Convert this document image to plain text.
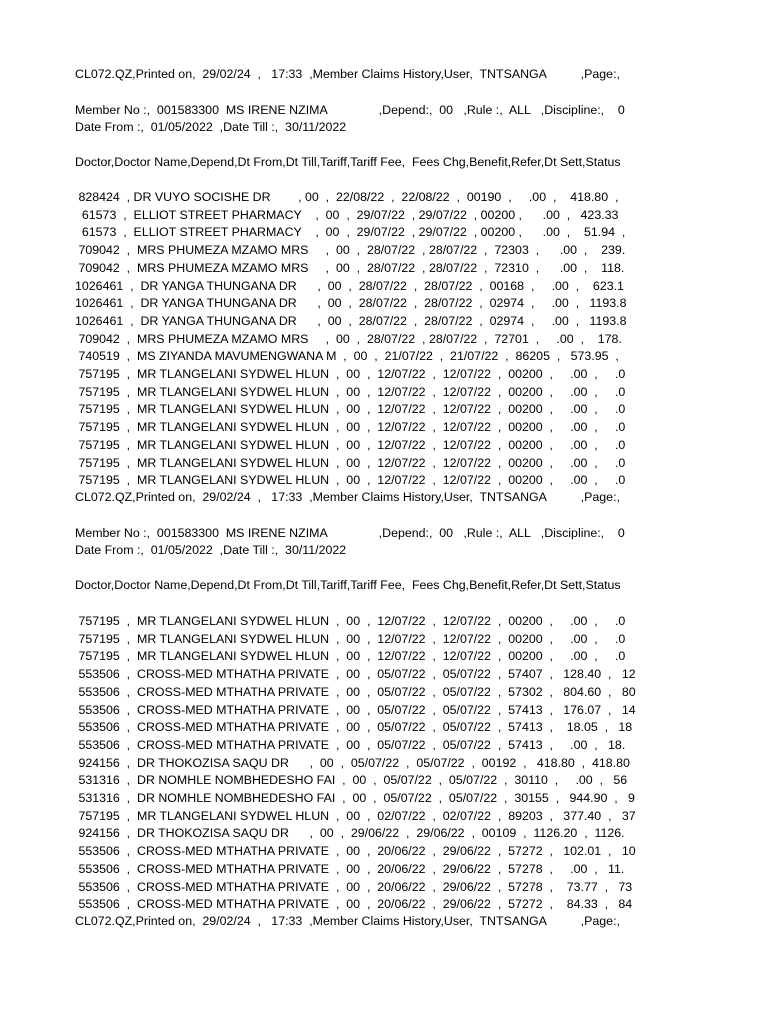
CL072.QZ,Printed on,  29/02/24  ,   17:33  ,Member Claims History,User,  TNTSANGA          ,Page:,
Member No :,  001583300  MS IRENE NZIMA               ,Depend:,  00   ,Rule :,  ALL   ,Discipline:,    0
Date From :,  01/05/2022  ,Date Till :,  30/11/2022
Doctor,Doctor Name,Depend,Dt From,Dt Till,Tariff,Tariff Fee,  Fees Chg,Benefit,Refer,Dt Sett,Status
828424  , DR VUYO SOCISHE DR        , 00  ,  22/08/22  ,  22/08/22  ,  00190  ,     .00  ,    418.80  ,
61573  ,  ELLIOT STREET PHARMACY    ,  00  ,  29/07/22  , 29/07/22  , 00200 ,      .00  ,   423.33
61573  ,  ELLIOT STREET PHARMACY    ,  00  ,  29/07/22  , 29/07/22  , 00200 ,      .00  ,    51.94  ,
709042  ,  MRS PHUMEZA MZAMO MRS     ,  00  ,  28/07/22  , 28/07/22  ,  72303  ,      .00  ,    239.
709042  ,  MRS PHUMEZA MZAMO MRS     ,  00  ,  28/07/22  , 28/07/22  ,  72310  ,      .00  ,    118.
1026461  ,  DR YANGA THUNGANA DR      ,  00  ,  28/07/22  ,  28/07/22  ,  00168  ,     .00  ,    623.1
1026461  ,  DR YANGA THUNGANA DR      ,  00  ,  28/07/22  ,  28/07/22  ,  02974  ,     .00  ,   1193.8
1026461  ,  DR YANGA THUNGANA DR      ,  00  ,  28/07/22  ,  28/07/22  ,  02974  ,     .00  ,   1193.8
709042  ,  MRS PHUMEZA MZAMO MRS     ,  00  ,  28/07/22  , 28/07/22  ,  72701  ,     .00  ,    178.
740519  ,  MS ZIYANDA MAVUMENGWANA M  ,  00  ,  21/07/22  ,  21/07/22  ,  86205  ,   573.95  ,
757195  ,  MR TLANGELANI SYDWEL HLUN  ,  00  ,  12/07/22  ,  12/07/22  ,  00200  ,     .00  ,     .0
757195  ,  MR TLANGELANI SYDWEL HLUN  ,  00  ,  12/07/22  ,  12/07/22  ,  00200  ,     .00  ,     .0
757195  ,  MR TLANGELANI SYDWEL HLUN  ,  00  ,  12/07/22  ,  12/07/22  ,  00200  ,     .00  ,     .0
757195  ,  MR TLANGELANI SYDWEL HLUN  ,  00  ,  12/07/22  ,  12/07/22  ,  00200  ,     .00  ,     .0
757195  ,  MR TLANGELANI SYDWEL HLUN  ,  00  ,  12/07/22  ,  12/07/22  ,  00200  ,     .00  ,     .0
757195  ,  MR TLANGELANI SYDWEL HLUN  ,  00  ,  12/07/22  ,  12/07/22  ,  00200  ,     .00  ,     .0
757195  ,  MR TLANGELANI SYDWEL HLUN  ,  00  ,  12/07/22  ,  12/07/22  ,  00200  ,     .00  ,     .0
CL072.QZ,Printed on,  29/02/24  ,   17:33  ,Member Claims History,User,  TNTSANGA          ,Page:,
Member No :,  001583300  MS IRENE NZIMA               ,Depend:,  00   ,Rule :,  ALL   ,Discipline:,    0
Date From :,  01/05/2022  ,Date Till :,  30/11/2022
Doctor,Doctor Name,Depend,Dt From,Dt Till,Tariff,Tariff Fee,  Fees Chg,Benefit,Refer,Dt Sett,Status
757195  ,  MR TLANGELANI SYDWEL HLUN  ,  00  ,  12/07/22  ,  12/07/22  ,  00200  ,     .00  ,     .0
757195  ,  MR TLANGELANI SYDWEL HLUN  ,  00  ,  12/07/22  ,  12/07/22  ,  00200  ,     .00  ,     .0
757195  ,  MR TLANGELANI SYDWEL HLUN  ,  00  ,  12/07/22  ,  12/07/22  ,  00200  ,     .00  ,     .0
553506  ,  CROSS-MED MTHATHA PRIVATE  ,  00  ,  05/07/22  ,  05/07/22  ,  57407  ,   128.40  ,   12
553506  ,  CROSS-MED MTHATHA PRIVATE  ,  00  ,  05/07/22  ,  05/07/22  ,  57302  ,   804.60  ,   80
553506  ,  CROSS-MED MTHATHA PRIVATE  ,  00  ,  05/07/22  ,  05/07/22  ,  57413  ,   176.07  ,   14
553506  ,  CROSS-MED MTHATHA PRIVATE  ,  00  ,  05/07/22  ,  05/07/22  ,  57413  ,    18.05  ,   18
553506  ,  CROSS-MED MTHATHA PRIVATE  ,  00  ,  05/07/22  ,  05/07/22  ,  57413  ,     .00  ,   18.
924156  ,  DR THOKOZISA SAQU DR      ,  00  ,  05/07/22  ,  05/07/22  ,  00192  ,   418.80  ,  418.80
531316  ,  DR NOMHLE NOMBHEDESHO FAI  ,  00  ,  05/07/22  ,  05/07/22  ,  30110  ,     .00  ,   56
531316  ,  DR NOMHLE NOMBHEDESHO FAI  ,  00  ,  05/07/22  ,  05/07/22  ,  30155  ,   944.90  ,   9
757195  ,  MR TLANGELANI SYDWEL HLUN  ,  00  ,  02/07/22  ,  02/07/22  ,  89203  ,   377.40  ,   37
924156  ,  DR THOKOZISA SAQU DR      ,  00  ,  29/06/22  ,  29/06/22  ,  00109  ,  1126.20  ,  1126.
553506  ,  CROSS-MED MTHATHA PRIVATE  ,  00  ,  20/06/22  ,  29/06/22  ,  57272  ,   102.01  ,   10
553506  ,  CROSS-MED MTHATHA PRIVATE  ,  00  ,  20/06/22  ,  29/06/22  ,  57278  ,     .00  ,   11.
553506  ,  CROSS-MED MTHATHA PRIVATE  ,  00  ,  20/06/22  ,  29/06/22  ,  57278  ,    73.77  ,   73
553506  ,  CROSS-MED MTHATHA PRIVATE  ,  00  ,  20/06/22  ,  29/06/22  ,  57272  ,    84.33  ,   84
CL072.QZ,Printed on,  29/02/24  ,   17:33  ,Member Claims History,User,  TNTSANGA          ,Page:,
